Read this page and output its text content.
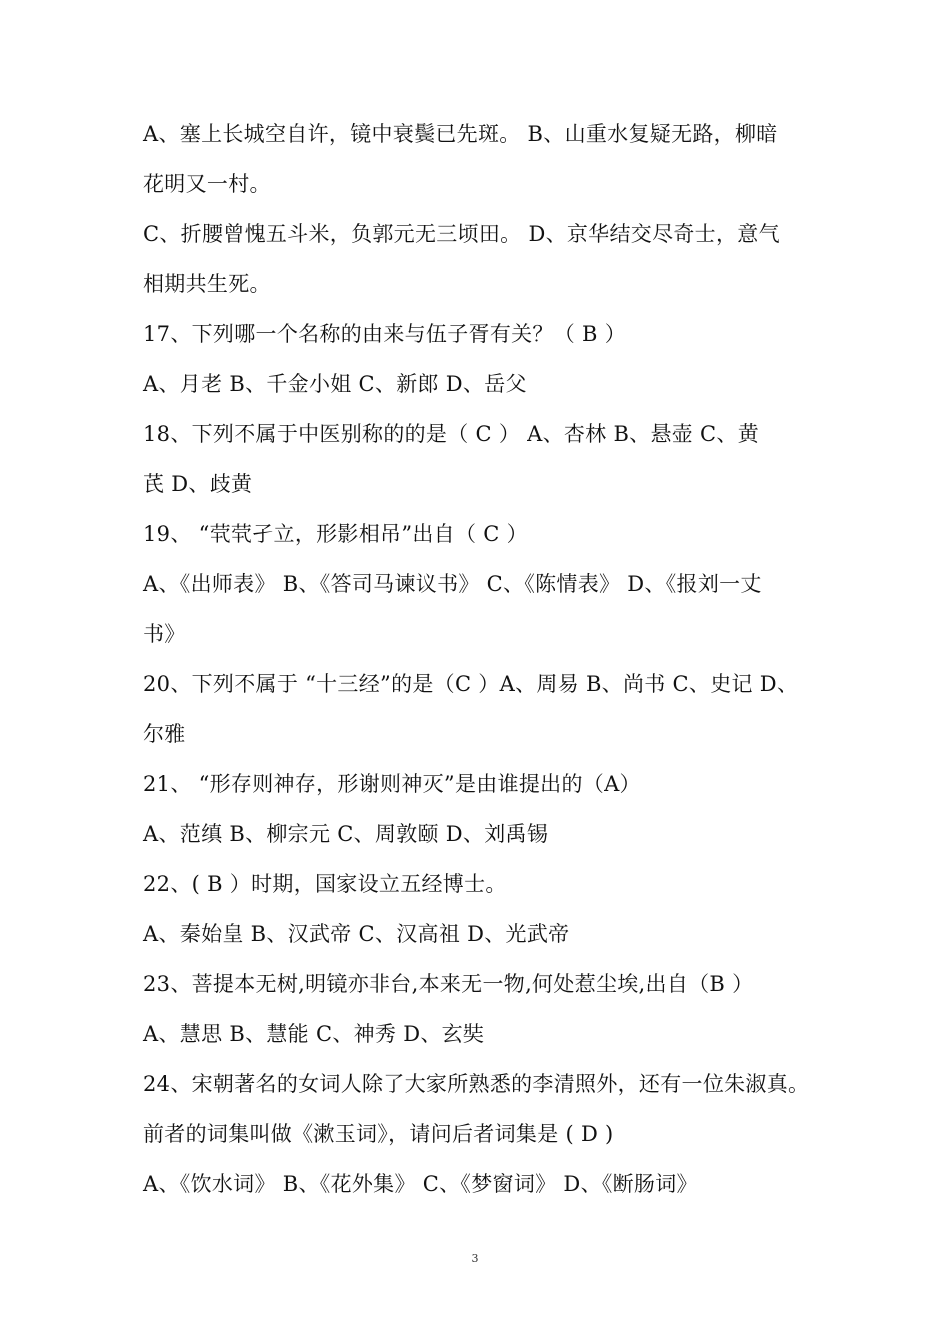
A、塞上长城空自许，镜中衰鬓已先斑。 B、山重水复疑无路，柳暗
花明又一村。
C、折腰曾愧五斗米，负郭元无三顷田。 D、京华结交尽奇士，意气
相期共生死。
17、下列哪一个名称的由来与伍子胥有关？（ B ）
A、月老 B、千金小姐 C、新郎 D、岳父
18、下列不属于中医别称的的是（ C ） A、杏林 B、悬壶 C、黄
芪 D、歧黄
19、 “茕茕孑立，形影相吊”出自（ C ）
A、《出师表》 B、《答司马谏议书》 C、《陈情表》 D、《报刘一丈
书》
20、下列不属于 “十三经”的是（C ）A、周易 B、尚书 C、史记 D、
尔雅
21、 “形存则神存，形谢则神灭”是由谁提出的（A）
A、范缜 B、柳宗元 C、周敦颐 D、刘禹锡
22、( B ）时期，国家设立五经博士。
A、秦始皇 B、汉武帝 C、汉高祖 D、光武帝
23、菩提本无树,明镜亦非台,本来无一物,何处惹尘埃,出自（B ）
A、慧思 B、慧能 C、神秀 D、玄奘
24、宋朝著名的女词人除了大家所熟悉的李清照外，还有一位朱淑真。
前者的词集叫做《漱玉词》，请问后者词集是 ( D )
A、《饮水词》 B、《花外集》 C、《梦窗词》 D、《断肠词》
3
